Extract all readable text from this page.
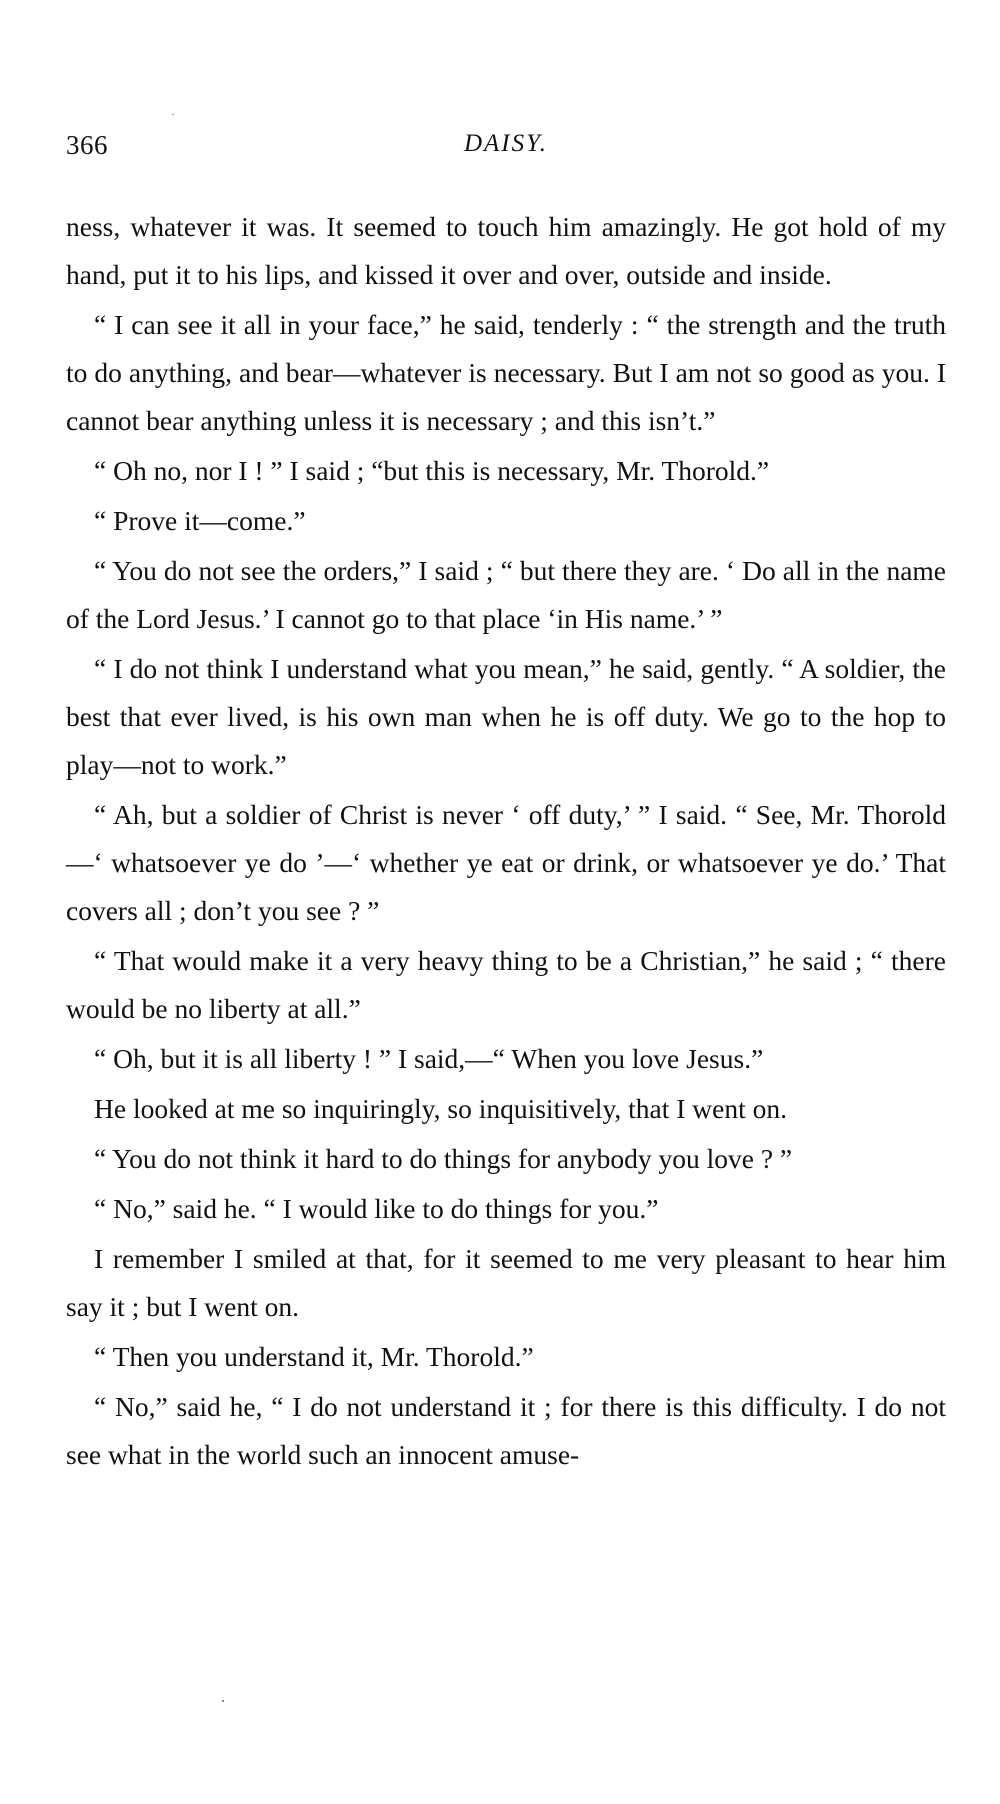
366	DAISY.

ness, whatever it was. It seemed to touch him amazingly. He got hold of my hand, put it to his lips, and kissed it over and over, outside and inside.

“ I can see it all in your face,” he said, tenderly : “ the strength and the truth to do anything, and bear—whatever is necessary. But I am not so good as you. I cannot bear anything unless it is necessary ; and this isn’t.”

“ Oh no, nor I ! ” I said ; “but this is necessary, Mr. Thorold.”

“ Prove it—come.”

“ You do not see the orders,” I said ; “ but there they are. ‘ Do all in the name of the Lord Jesus.’ I cannot go to that place ‘in His name.’ ”

“ I do not think I understand what you mean,” he said, gently. “ A soldier, the best that ever lived, is his own man when he is off duty. We go to the hop to play—not to work.”

“ Ah, but a soldier of Christ is never ‘ off duty,’ ” I said. “ See, Mr. Thorold—‘ whatsoever ye do ’—‘ whether ye eat or drink, or whatsoever ye do.’ That covers all ; don’t you see ? ”

“ That would make it a very heavy thing to be a Christian,” he said ; “ there would be no liberty at all.”

“ Oh, but it is all liberty ! ” I said,—“ When you love Jesus.”

He looked at me so inquiringly, so inquisitively, that I went on.

“ You do not think it hard to do things for anybody you love ? ”

“ No,” said he. “ I would like to do things for you.”

I remember I smiled at that, for it seemed to me very pleasant to hear him say it ; but I went on.

“ Then you understand it, Mr. Thorold.”

“ No,” said he, “ I do not understand it ; for there is this difficulty. I do not see what in the world such an innocent amuse-
